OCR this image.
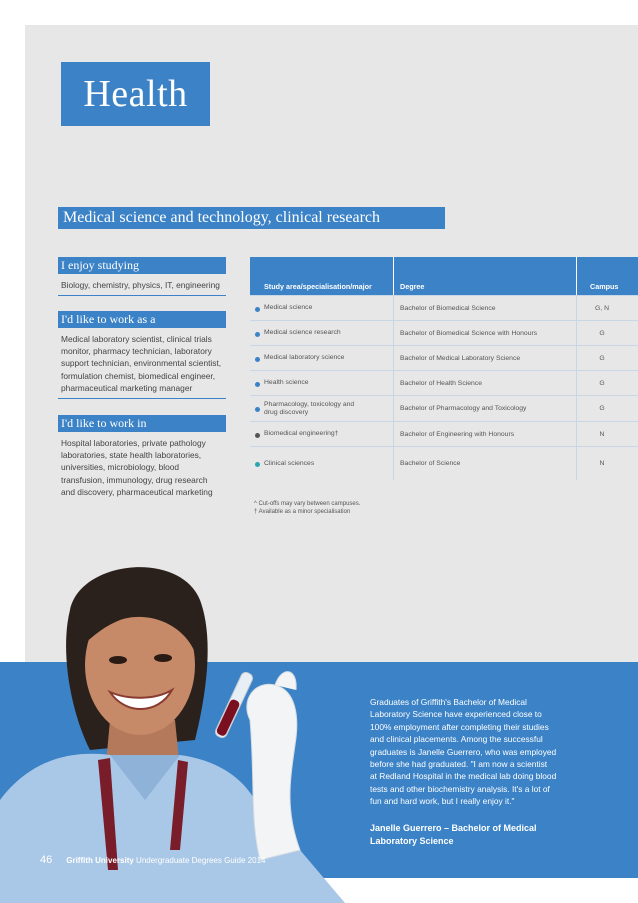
Health
Medical science and technology, clinical research
I enjoy studying
Biology, chemistry, physics, IT, engineering
I'd like to work as a
Medical laboratory scientist, clinical trials
monitor, pharmacy technician, laboratory
support technician, environmental scientist,
formulation chemist, biomedical engineer,
pharmaceutical marketing manager
I'd like to work in
Hospital laboratories, private pathology
laboratories, state health laboratories,
universities, microbiology, blood
transfusion, immunology, drug research
and discovery, pharmaceutical marketing
Study area/specialisation/major	Degree	Campus
Medical science	Bachelor of Biomedical Science	G, N
Medical science research	Bachelor of Biomedical Science with Honours	G
Medical laboratory science	Bachelor of Medical Laboratory Science	G
Health science	Bachelor of Health Science	G
Pharmacology, toxicology and
drug discovery
Bachelor of Pharmacology and Toxicology	G
Biomedical engineering†	Bachelor of Engineering with Honours	N
Clinical sciences	Bachelor of Science	N
^ Cut-offs may vary between campuses.
† Available as a minor specialisation
Graduates of Griffith's Bachelor of Medical
Laboratory Science have experienced close to
100% employment after completing their studies
and clinical placements. Among the successful
graduates is Janelle Guerrero, who was employed
before she had graduated. "I am now a scientist
at Redland Hospital in the medical lab doing blood
tests and other biochemistry analysis. It's a lot of
fun and hard work, but I really enjoy it."
Janelle Guerrero – Bachelor of Medical
Laboratory Science
46 Griffith University Undergraduate Degrees Guide 2014
